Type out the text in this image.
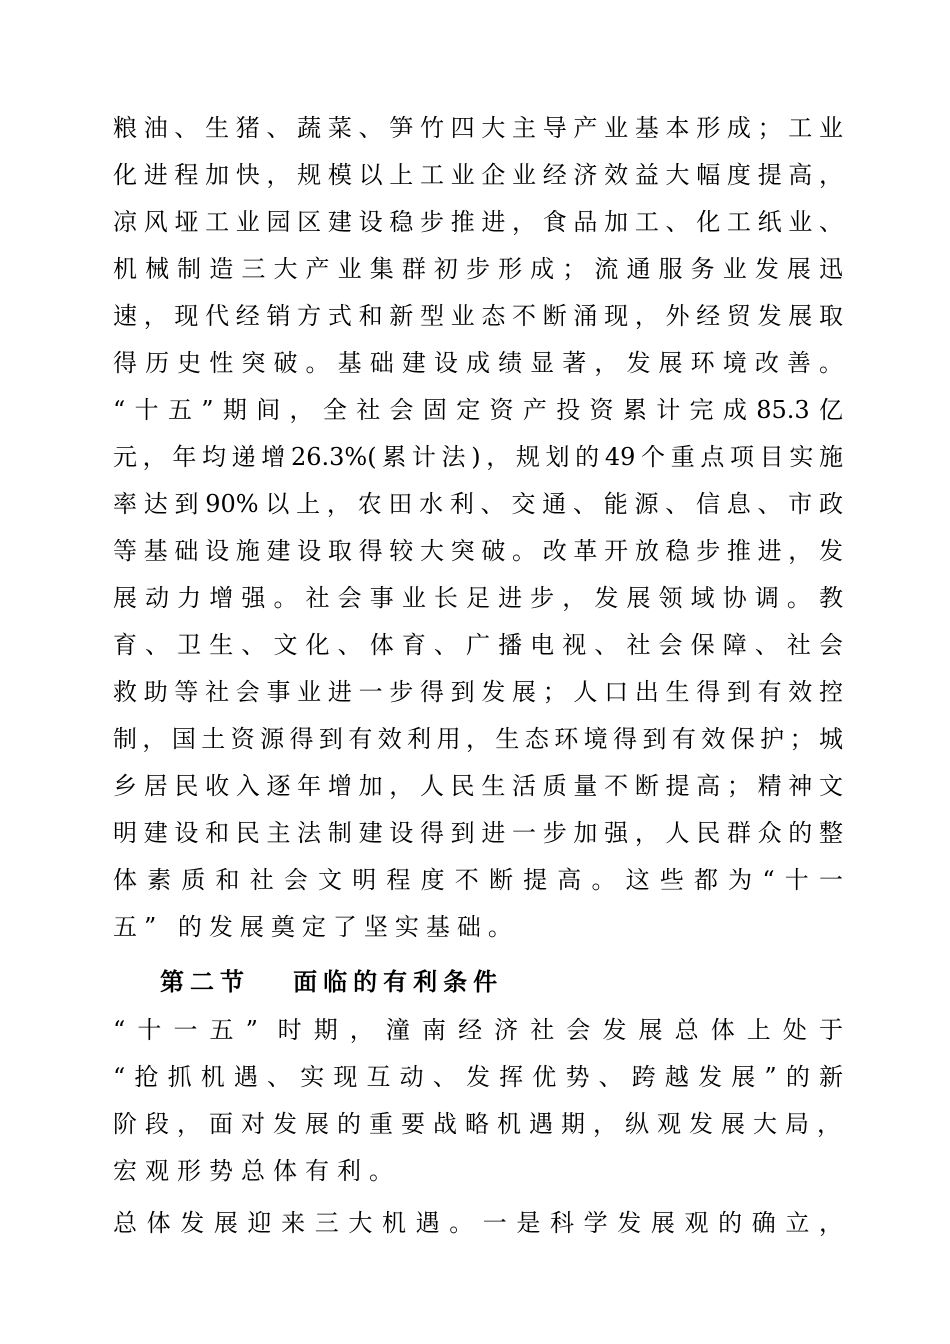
粮油、生猪、蔬菜、笋竹四大主导产业基本形成；工业
化进程加快，规模以上工业企业经济效益大幅度提高，
凉风垭工业园区建设稳步推进，食品加工、化工纸业、
机械制造三大产业集群初步形成；流通服务业发展迅
速，现代经销方式和新型业态不断涌现，外经贸发展取
得历史性突破。基础建设成绩显著，发展环境改善。
“十五”期间，全社会固定资产投资累计完成85.3亿
元，年均递增26.3%(累计法)，规划的49个重点项目实施
率达到90%以上，农田水利、交通、能源、信息、市政
等基础设施建设取得较大突破。改革开放稳步推进，发
展动力增强。社会事业长足进步，发展领域协调。教
育、卫生、文化、体育、广播电视、社会保障、社会
救助等社会事业进一步得到发展；人口出生得到有效控
制，国土资源得到有效利用，生态环境得到有效保护；城
乡居民收入逐年增加，人民生活质量不断提高；精神文
明建设和民主法制建设得到进一步加强，人民群众的整
体素质和社会文明程度不断提高。这些都为“十一
五” 的发展奠定了坚实基础。
第二节   面临的有利条件
“十一五” 时期，潼南经济社会发展总体上处于
“抢抓机遇、实现互动、发挥优势、跨越发展”的新
阶段，面对发展的重要战略机遇期，纵观发展大局，
宏观形势总体有利。
总体发展迎来三大机遇。一是科学发展观的确立，
